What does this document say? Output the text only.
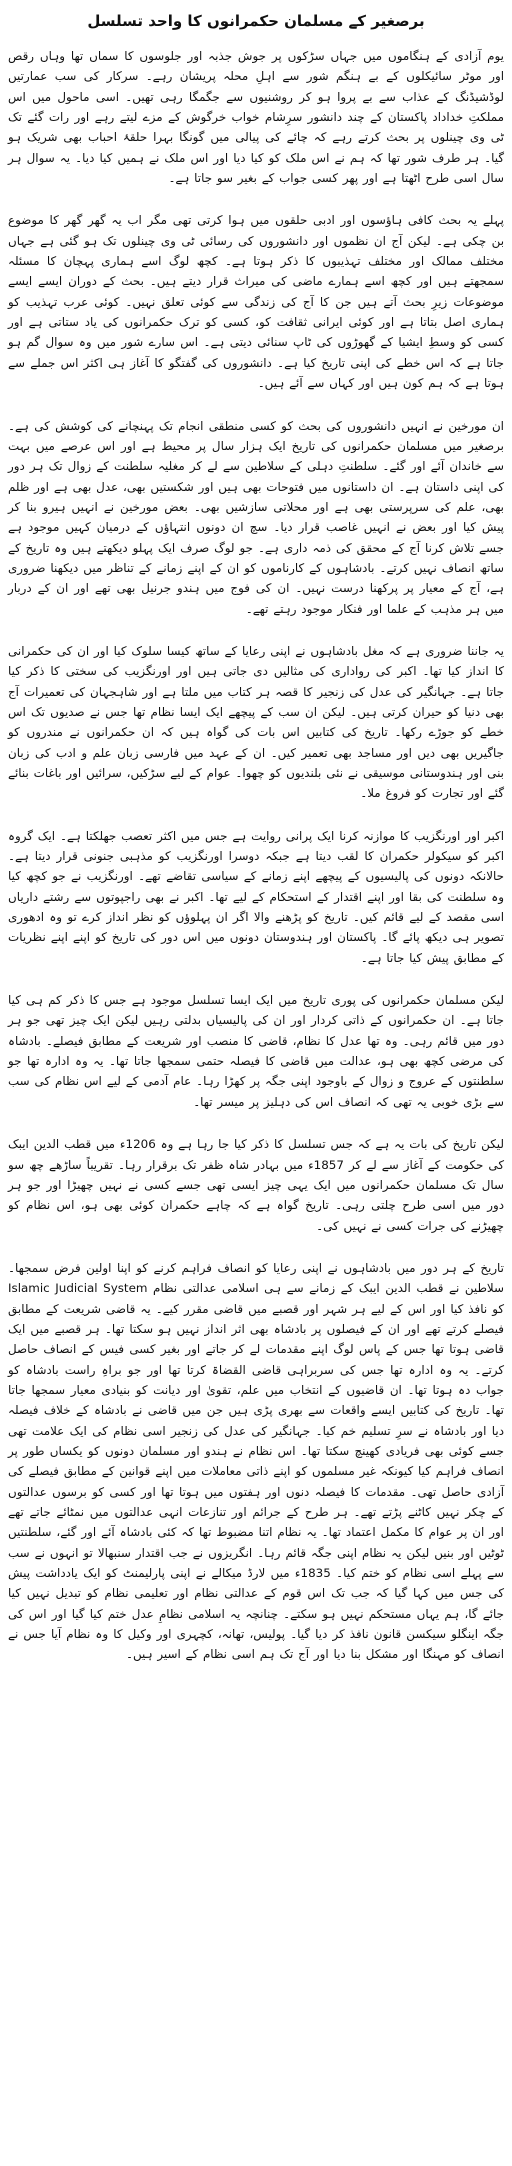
برصغیر کے مسلمان حکمرانوں کا واحد تسلسل

یوم آزادی کے ہنگاموں میں جہاں سڑکوں پر جوش جذبہ اور جلوسوں کا سماں تھا وہاں رقص اور موٹر سائیکلوں کے بے ہنگم شور سے اہلِ محلہ پریشان رہے۔ سرکار کی سب عمارتیں لوڈشیڈنگ کے عذاب سے بے پروا ہو کر روشنیوں سے جگمگا رہی تھیں۔ اسی ماحول میں اس مملکتِ خداداد پاکستان کے چند دانشور سرِشام خواب خرگوش کے مزے لیتے رہے اور رات گئے تک ٹی وی چینلوں پر بحث کرتے رہے کہ چائے کی پیالی میں گونگا بہرا حلقۂ احباب بھی شریک ہو گیا۔ ہر طرف شور تھا کہ ہم نے اس ملک کو کیا دیا اور اس ملک نے ہمیں کیا دیا۔ یہ سوال ہر سال اسی طرح اٹھتا ہے اور پھر کسی جواب کے بغیر سو جاتا ہے۔

پہلے یہ بحث کافی ہاؤسوں اور ادبی حلقوں میں ہوا کرتی تھی مگر اب یہ گھر گھر کا موضوع بن چکی ہے۔ لیکن آج ان نظموں اور دانشوروں کی رسائی ٹی وی چینلوں تک ہو گئی ہے جہاں مختلف ممالک اور مختلف تہذیبوں کا ذکر ہوتا ہے۔ کچھ لوگ اسے ہماری پہچان کا مسئلہ سمجھتے ہیں اور کچھ اسے ہمارے ماضی کی میراث قرار دیتے ہیں۔ بحث کے دوران ایسے ایسے موضوعات زیرِ بحث آتے ہیں جن کا آج کی زندگی سے کوئی تعلق نہیں۔ کوئی عرب تہذیب کو ہماری اصل بتاتا ہے اور کوئی ایرانی ثقافت کو، کسی کو ترک حکمرانوں کی یاد ستاتی ہے اور کسی کو وسطِ ایشیا کے گھوڑوں کی ٹاپ سنائی دیتی ہے۔ اس سارے شور میں وہ سوال گم ہو جاتا ہے کہ اس خطے کی اپنی تاریخ کیا ہے۔ دانشوروں کی گفتگو کا آغاز ہی اکثر اس جملے سے ہوتا ہے کہ ہم کون ہیں اور کہاں سے آئے ہیں۔

ان مورخین نے انہیں دانشوروں کی بحث کو کسی منطقی انجام تک پہنچانے کی کوشش کی ہے۔ برصغیر میں مسلمان حکمرانوں کی تاریخ ایک ہزار سال پر محیط ہے اور اس عرصے میں بہت سے خاندان آئے اور گئے۔ سلطنتِ دہلی کے سلاطین سے لے کر مغلیہ سلطنت کے زوال تک ہر دور کی اپنی داستان ہے۔ ان داستانوں میں فتوحات بھی ہیں اور شکستیں بھی، عدل بھی ہے اور ظلم بھی، علم کی سرپرستی بھی ہے اور محلاتی سازشیں بھی۔ بعض مورخین نے انہیں ہیرو بنا کر پیش کیا اور بعض نے انہیں غاصب قرار دیا۔ سچ ان دونوں انتہاؤں کے درمیان کہیں موجود ہے جسے تلاش کرنا آج کے محقق کی ذمہ داری ہے۔ جو لوگ صرف ایک پہلو دیکھتے ہیں وہ تاریخ کے ساتھ انصاف نہیں کرتے۔ بادشاہوں کے کارناموں کو ان کے اپنے زمانے کے تناظر میں دیکھنا ضروری ہے، آج کے معیار پر پرکھنا درست نہیں۔ ان کی فوج میں ہندو جرنیل بھی تھے اور ان کے دربار میں ہر مذہب کے علما اور فنکار موجود رہتے تھے۔

یہ جاننا ضروری ہے کہ مغل بادشاہوں نے اپنی رعایا کے ساتھ کیسا سلوک کیا اور ان کی حکمرانی کا انداز کیا تھا۔ اکبر کی رواداری کی مثالیں دی جاتی ہیں اور اورنگزیب کی سختی کا ذکر کیا جاتا ہے۔ جہانگیر کی عدل کی زنجیر کا قصہ ہر کتاب میں ملتا ہے اور شاہجہان کی تعمیرات آج بھی دنیا کو حیران کرتی ہیں۔ لیکن ان سب کے پیچھے ایک ایسا نظام تھا جس نے صدیوں تک اس خطے کو جوڑے رکھا۔ تاریخ کی کتابیں اس بات کی گواہ ہیں کہ ان حکمرانوں نے مندروں کو جاگیریں بھی دیں اور مساجد بھی تعمیر کیں۔ ان کے عہد میں فارسی زبان علم و ادب کی زبان بنی اور ہندوستانی موسیقی نے نئی بلندیوں کو چھوا۔ عوام کے لیے سڑکیں، سرائیں اور باغات بنائے گئے اور تجارت کو فروغ ملا۔

اکبر اور اورنگزیب کا موازنہ کرنا ایک پرانی روایت ہے جس میں اکثر تعصب جھلکتا ہے۔ ایک گروہ اکبر کو سیکولر حکمران کا لقب دیتا ہے جبکہ دوسرا اورنگزیب کو مذہبی جنونی قرار دیتا ہے۔ حالانکہ دونوں کی پالیسیوں کے پیچھے اپنے زمانے کے سیاسی تقاضے تھے۔ اورنگزیب نے جو کچھ کیا وہ سلطنت کی بقا اور اپنے اقتدار کے استحکام کے لیے تھا۔ اکبر نے بھی راجپوتوں سے رشتے داریاں اسی مقصد کے لیے قائم کیں۔ تاریخ کو پڑھنے والا اگر ان پہلوؤں کو نظر انداز کرے تو وہ ادھوری تصویر ہی دیکھ پائے گا۔ پاکستان اور ہندوستان دونوں میں اس دور کی تاریخ کو اپنے اپنے نظریات کے مطابق پیش کیا جاتا ہے۔

لیکن مسلمان حکمرانوں کی پوری تاریخ میں ایک ایسا تسلسل موجود ہے جس کا ذکر کم ہی کیا جاتا ہے۔ ان حکمرانوں کے ذاتی کردار اور ان کی پالیسیاں بدلتی رہیں لیکن ایک چیز تھی جو ہر دور میں قائم رہی۔ وہ تھا عدل کا نظام، قاضی کا منصب اور شریعت کے مطابق فیصلے۔ بادشاہ کی مرضی کچھ بھی ہو، عدالت میں قاضی کا فیصلہ حتمی سمجھا جاتا تھا۔ یہ وہ ادارہ تھا جو سلطنتوں کے عروج و زوال کے باوجود اپنی جگہ پر کھڑا رہا۔ عام آدمی کے لیے اس نظام کی سب سے بڑی خوبی یہ تھی کہ انصاف اس کی دہلیز پر میسر تھا۔

لیکن تاریخ کی بات یہ ہے کہ جس تسلسل کا ذکر کیا جا رہا ہے وہ 1206ء میں قطب الدین ایبک کی حکومت کے آغاز سے لے کر 1857ء میں بہادر شاہ ظفر تک برقرار رہا۔ تقریباً ساڑھے چھ سو سال تک مسلمان حکمرانوں میں ایک یہی چیز ایسی تھی جسے کسی نے نہیں چھیڑا اور جو ہر دور میں اسی طرح چلتی رہی۔ تاریخ گواہ ہے کہ چاہے حکمران کوئی بھی ہو، اس نظام کو چھیڑنے کی جرات کسی نے نہیں کی۔

تاریخ کے ہر دور میں بادشاہوں نے اپنی رعایا کو انصاف فراہم کرنے کو اپنا اولین فرض سمجھا۔ سلاطین نے قطب الدین ایبک کے زمانے سے ہی اسلامی عدالتی نظام Islamic Judicial System کو نافذ کیا اور اس کے لیے ہر شہر اور قصبے میں قاضی مقرر کیے۔ یہ قاضی شریعت کے مطابق فیصلے کرتے تھے اور ان کے فیصلوں پر بادشاہ بھی اثر انداز نہیں ہو سکتا تھا۔ ہر قصبے میں ایک قاضی ہوتا تھا جس کے پاس لوگ اپنے مقدمات لے کر جاتے اور بغیر کسی فیس کے انصاف حاصل کرتے۔ یہ وہ ادارہ تھا جس کی سربراہی قاضی القضاۃ کرتا تھا اور جو براہِ راست بادشاہ کو جواب دہ ہوتا تھا۔ ان قاضیوں کے انتخاب میں علم، تقویٰ اور دیانت کو بنیادی معیار سمجھا جاتا تھا۔ تاریخ کی کتابیں ایسے واقعات سے بھری پڑی ہیں جن میں قاضی نے بادشاہ کے خلاف فیصلہ دیا اور بادشاہ نے سرِ تسلیم خم کیا۔ جہانگیر کی عدل کی زنجیر اسی نظام کی ایک علامت تھی جسے کوئی بھی فریادی کھینچ سکتا تھا۔ اس نظام نے ہندو اور مسلمان دونوں کو یکساں طور پر انصاف فراہم کیا کیونکہ غیر مسلموں کو اپنے ذاتی معاملات میں اپنے قوانین کے مطابق فیصلے کی آزادی حاصل تھی۔ مقدمات کا فیصلہ دنوں اور ہفتوں میں ہوتا تھا اور کسی کو برسوں عدالتوں کے چکر نہیں کاٹنے پڑتے تھے۔ ہر طرح کے جرائم اور تنازعات انہی عدالتوں میں نمٹائے جاتے تھے اور ان پر عوام کا مکمل اعتماد تھا۔ یہ نظام اتنا مضبوط تھا کہ کئی بادشاہ آئے اور گئے، سلطنتیں ٹوٹیں اور بنیں لیکن یہ نظام اپنی جگہ قائم رہا۔ انگریزوں نے جب اقتدار سنبھالا تو انہوں نے سب سے پہلے اسی نظام کو ختم کیا۔ 1835ء میں لارڈ میکالے نے اپنی پارلیمنٹ کو ایک یادداشت پیش کی جس میں کہا گیا کہ جب تک اس قوم کے عدالتی نظام اور تعلیمی نظام کو تبدیل نہیں کیا جائے گا، ہم یہاں مستحکم نہیں ہو سکتے۔ چنانچہ یہ اسلامی نظامِ عدل ختم کیا گیا اور اس کی جگہ اینگلو سیکسن قانون نافذ کر دیا گیا۔ پولیس، تھانہ، کچہری اور وکیل کا وہ نظام آیا جس نے انصاف کو مہنگا اور مشکل بنا دیا اور آج تک ہم اسی نظام کے اسیر ہیں۔
